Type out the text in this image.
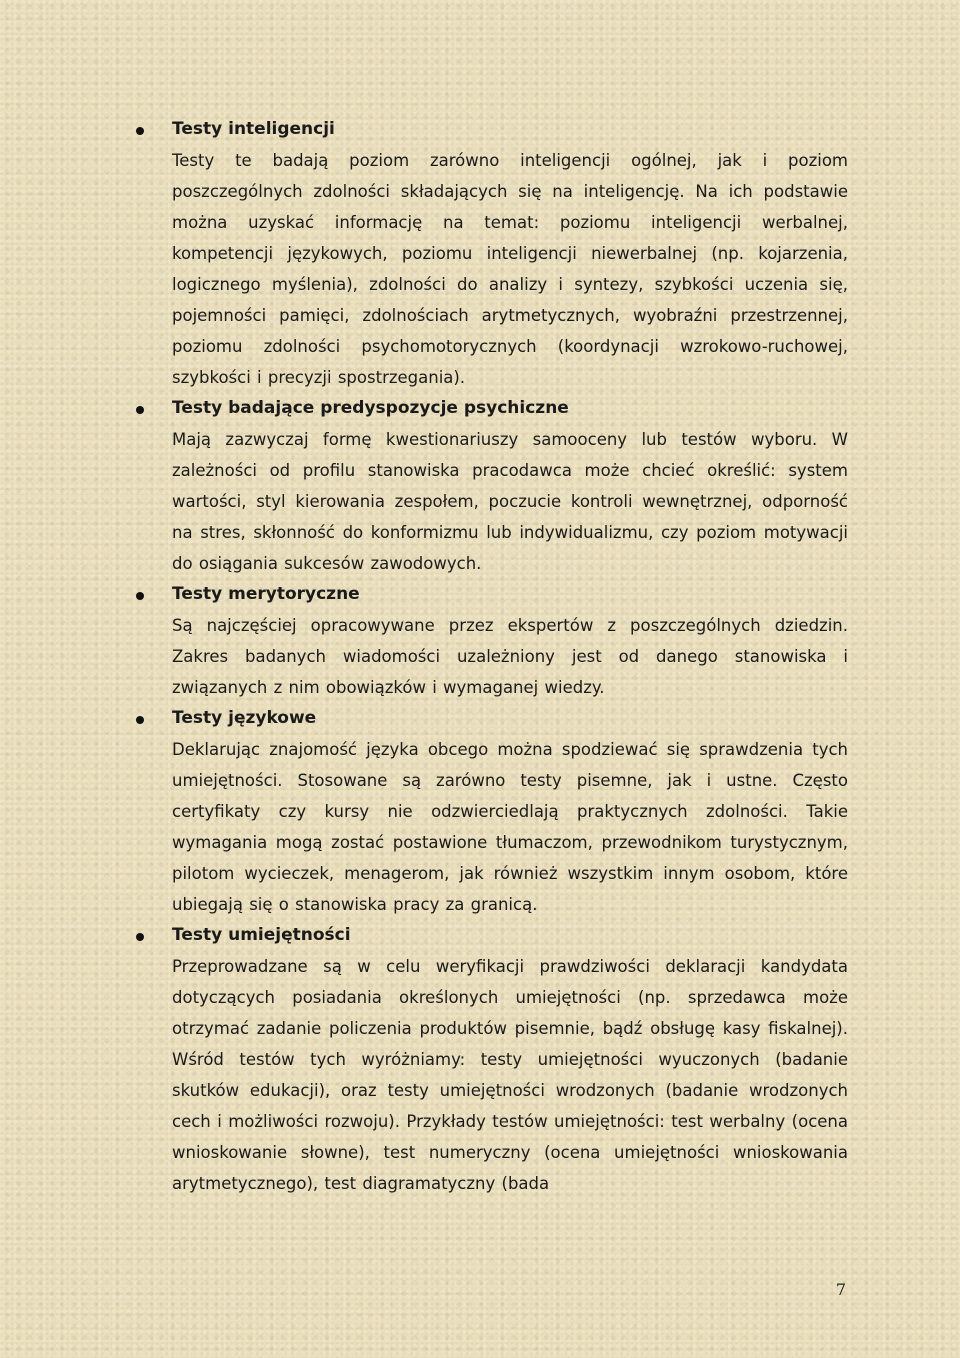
Testy inteligencji
Testy te badają poziom zarówno inteligencji ogólnej, jak i poziom poszczególnych zdolności składających się na inteligencję. Na ich podstawie można uzyskać informację na temat: poziomu inteligencji werbalnej, kompetencji językowych, poziomu inteligencji niewerbalnej (np. kojarzenia, logicznego myślenia), zdolności do analizy i syntezy, szybkości uczenia się, pojemności pamięci, zdolnościach arytmetycznych, wyobraźni przestrzennej, poziomu zdolności psychomotorycznych (koordynacji wzrokowo-ruchowej, szybkości i precyzji spostrzegania).
Testy badające predyspozycje psychiczne
Mają zazwyczaj formę kwestionariuszy samooceny lub testów wyboru. W zależności od profilu stanowiska pracodawca może chcieć określić: system wartości, styl kierowania zespołem, poczucie kontroli wewnętrznej, odporność na stres, skłonność do konformizmu lub indywidualizmu, czy poziom motywacji do osiągania sukcesów zawodowych.
Testy merytoryczne
Są najczęściej opracowywane przez ekspertów z poszczególnych dziedzin. Zakres badanych wiadomości uzależniony jest od danego stanowiska i związanych z nim obowiązków i wymaganej wiedzy.
Testy językowe
Deklarując znajomość języka obcego można spodziewać się sprawdzenia tych umiejętności. Stosowane są zarówno testy pisemne, jak i ustne. Często certyfikaty czy kursy nie odzwierciedlają praktycznych zdolności. Takie wymagania mogą zostać postawione tłumaczom, przewodnikom turystycznym, pilotom wycieczek, menagerom, jak również wszystkim innym osobom, które ubiegają się o stanowiska pracy za granicą.
Testy umiejętności
Przeprowadzane są w celu weryfikacji prawdziwości deklaracji kandydata dotyczących posiadania określonych umiejętności (np. sprzedawca może otrzymać zadanie policzenia produktów pisemnie, bądź obsługę kasy fiskalnej). Wśród testów tych wyróżniamy: testy umiejętności wyuczonych (badanie skutków edukacji), oraz testy umiejętności wrodzonych (badanie wrodzonych cech i możliwości rozwoju). Przykłady testów umiejętności: test werbalny (ocena wnioskowanie słowne), test numeryczny (ocena umiejętności wnioskowania arytmetycznego), test diagramatyczny (bada
7
